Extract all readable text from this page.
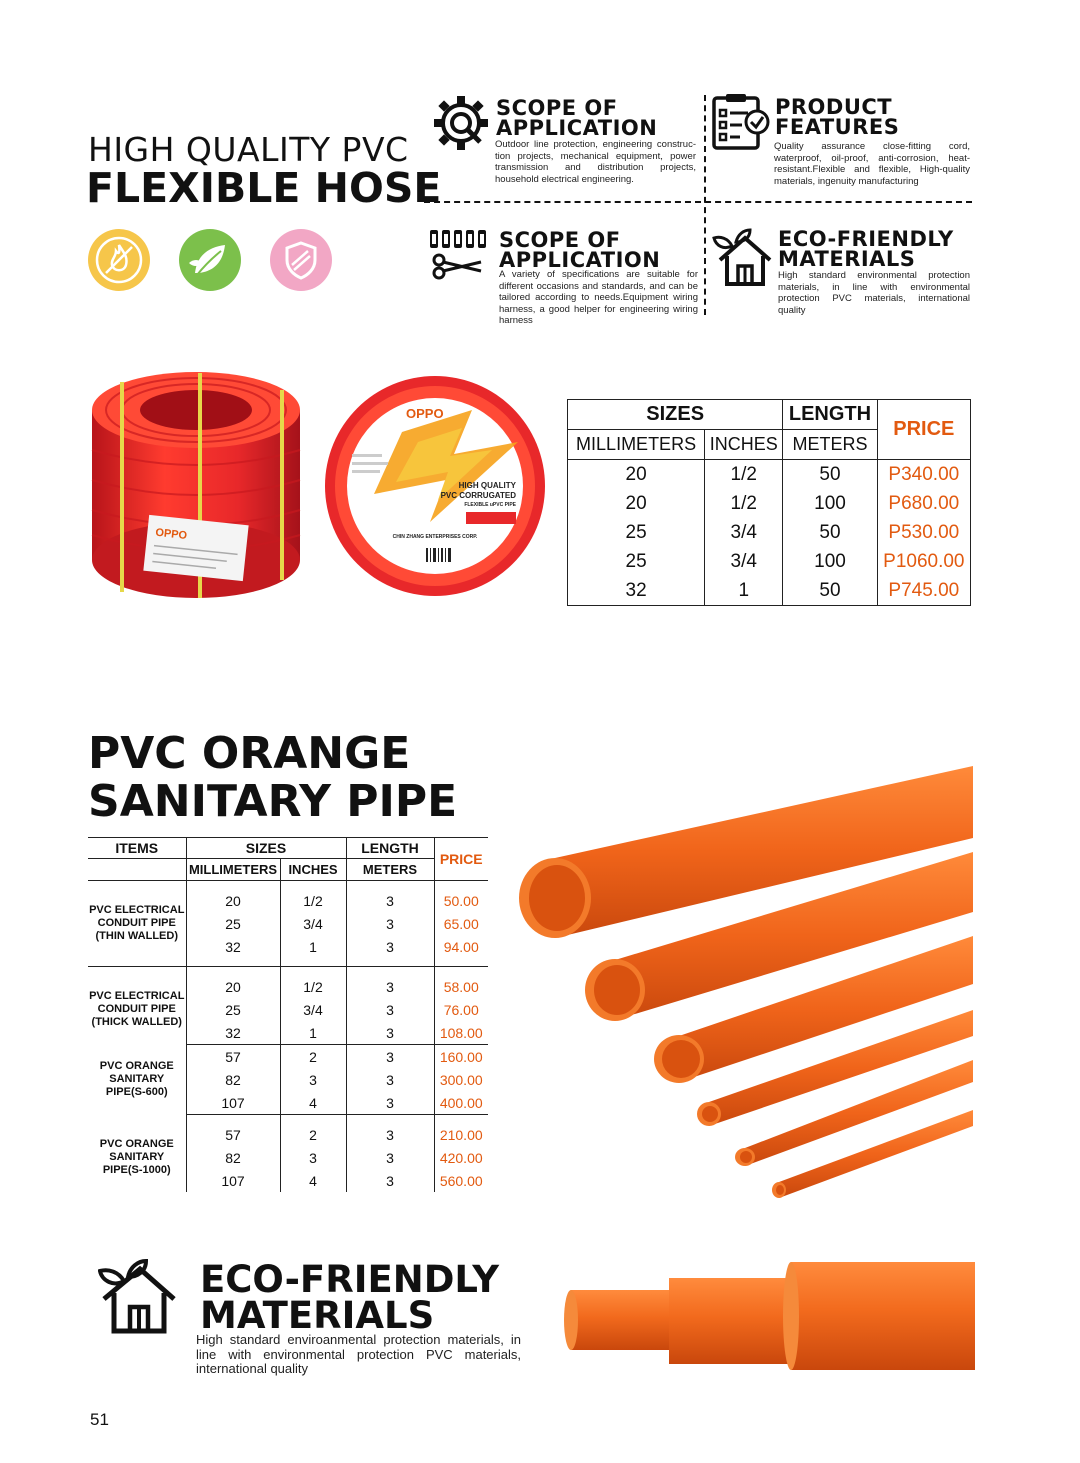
HIGH QUALITY PVC
FLEXIBLE HOSE
SCOPE OF
APPLICATION
Outdoor line protection, engineering construc-tion projects, mechanical equipment, power transmission and distribution projects, household electrical engineering.
PRODUCT
FEATURES
Quality assurance close-fitting cord, waterproof, oil-proof, anti-corrosion, heat-resistant.Flexible and flexible, High-quality materials, ingenuity manufacturing
SCOPE OF
APPLICATION
A variety of specifications are suitable for different occasions and standards, and can be tailored according to needs.Equipment wiring harness, a good helper for engineering wiring harness
ECO-FRIENDLY
MATERIALS
High standard environmental protection materials, in line with environmental protection PVC materials, international quality
OPPO
OPPO
HIGH QUALITY
PVC CORRUGATED
FLEXIBLE uPVC PIPE
CHIN ZHANG ENTERPRISES CORP.
SIZES		LENGTH	PRICE
MILLIMETERS	INCHES	METERS	
20	1/2	50	P340.00
20	1/2	100	P680.00
25	3/4	50	P530.00
25	3/4	100	P1060.00
32	1	50	P745.00
PVC ORANGE
SANITARY PIPE
ITEMS	SIZES		LENGTH	PRICE
	MILLIMETERS	INCHES	METERS	

PVC ELECTRICAL
CONDUIT PIPE
(THIN WALLED)	20	1/2	3	50.00
	25	3/4	3	65.00
	32	1	3	94.00

PVC ELECTRICAL
CONDUIT PIPE
(THICK WALLED)	20	1/2	3	58.00
	25	3/4	3	76.00
	32	1	3	108.00

PVC ORANGE
SANITARY
PIPE(S-600)	57	2	3	160.00
	82	3	3	300.00
	107	4	3	400.00

PVC ORANGE
SANITARY
PIPE(S-1000)	57	2	3	210.00
	82	3	3	420.00
	107	4	3	560.00
ECO-FRIENDLY
MATERIALS
High standard enviroanmental protection materials, in line with environmental protection PVC materials, international quality
51
